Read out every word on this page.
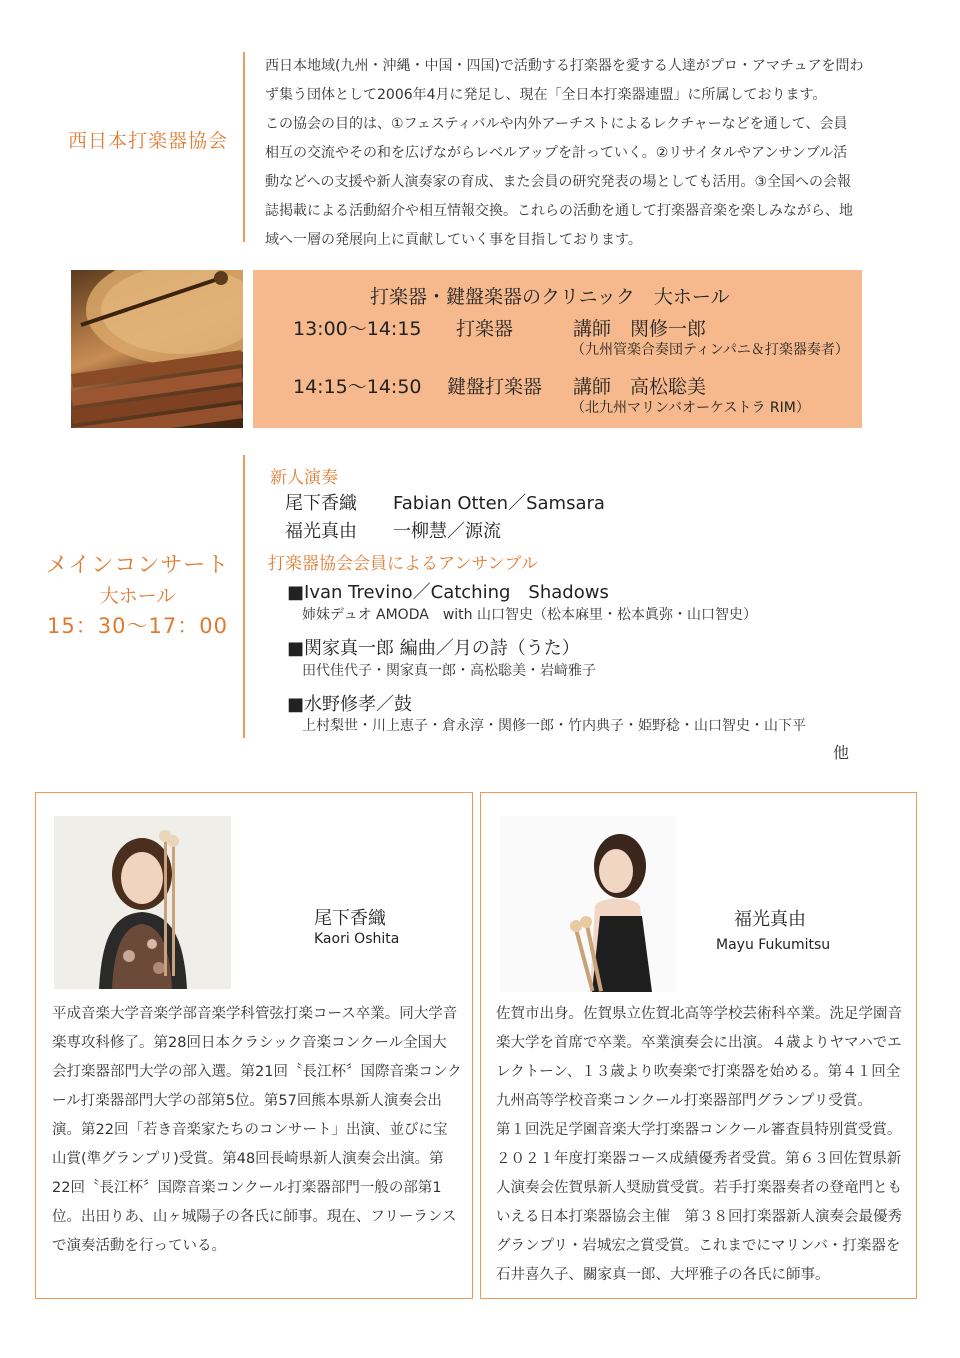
西日本打楽器協会
西日本地域(九州・沖縄・中国・四国)で活動する打楽器を愛する人達がプロ・アマチュアを問わ
ず集う団体として2006年4月に発足し、現在「全日本打楽器連盟」に所属しております。
この協会の目的は、①フェスティバルや内外アーチストによるレクチャーなどを通して、会員
相互の交流やその和を広げながらレベルアップを計っていく。②リサイタルやアンサンブル活
動などへの支援や新人演奏家の育成、また会員の研究発表の場としても活用。③全国への会報
誌掲載による活動紹介や相互情報交換。これらの活動を通して打楽器音楽を楽しみながら、地
域へ一層の発展向上に貢献していく事を目指しております。
打楽器・鍵盤楽器のクリニック　大ホール
13:00〜14:15 打楽器	講師　関修一郎
（九州管楽合奏団ティンパニ＆打楽器奏者）
14:15〜14:50 鍵盤打楽器 講師　高松聡美
（北九州マリンバオーケストラ RIM）
メインコンサート
大ホール
15：30〜17：00
新人演奏
尾下香織 Fabian Otten／Samsara
福光真由 一柳慧／源流
打楽器協会会員によるアンサンブル
■Ivan Trevino／Catching　Shadows
姉妹デュオ AMODA　with 山口智史（松本麻里・松本眞弥・山口智史）
■関家真一郎 編曲／月の詩（うた）
田代佳代子・関家真一郎・高松聡美・岩﨑雅子
■水野修孝／鼓
上村梨世・川上恵子・倉永淳・関修一郎・竹内典子・姫野稔・山口智史・山下平
他
尾下香織
Kaori Oshita
平成音楽大学音楽学部音楽学科管弦打楽コース卒業。同大学音
楽専攻科修了。第28回日本クラシック音楽コンクール全国大
会打楽器部門大学の部入選。第21回〝長江杯〞国際音楽コンク
ール打楽器部門大学の部第5位。第57回熊本県新人演奏会出
演。第22回「若き音楽家たちのコンサート」出演、並びに宝
山賞(準グランプリ)受賞。第48回長崎県新人演奏会出演。第
22回〝長江杯〞国際音楽コンクール打楽器部門一般の部第1
位。出田りあ、山ヶ城陽子の各氏に師事。現在、フリーランス
で演奏活動を行っている。
福光真由
Mayu Fukumitsu
佐賀市出身。佐賀県立佐賀北高等学校芸術科卒業。洗足学園音
楽大学を首席で卒業。卒業演奏会に出演。４歳よりヤマハでエ
レクトーン、１３歳より吹奏楽で打楽器を始める。第４１回全
九州高等学校音楽コンクール打楽器部門グランプリ受賞。
第１回洗足学園音楽大学打楽器コンクール審査員特別賞受賞。
２０２１年度打楽器コース成績優秀者受賞。第６３回佐賀県新
人演奏会佐賀県新人奨励賞受賞。若手打楽器奏者の登竜門とも
いえる日本打楽器協会主催　第３８回打楽器新人演奏会最優秀
グランプリ・岩城宏之賞受賞。これまでにマリンバ・打楽器を
石井喜久子、關家真一郎、大坪雅子の各氏に師事。
